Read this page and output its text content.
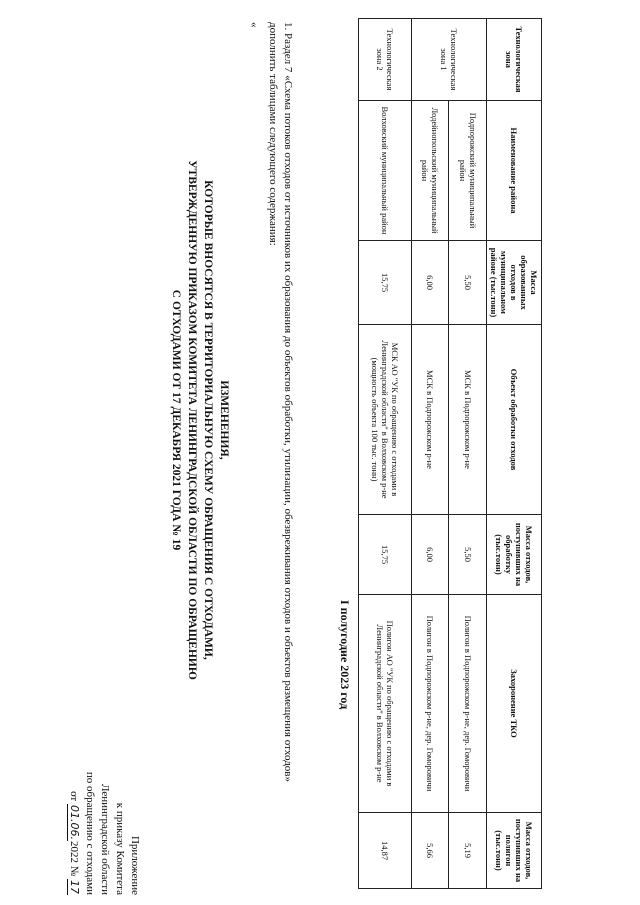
Приложение
к приказу Комитета
Ленинградской области
по обращению с отходами
от 01.06.2022 № 17
ИЗМЕНЕНИЯ,
КОТОРЫЕ ВНОСЯТСЯ В ТЕРРИТОРИАЛЬНУЮ СХЕМУ ОБРАЩЕНИЯ С ОТХОДАМИ,
УТВЕРЖДЕННУЮ ПРИКАЗОМ КОМИТЕТА ЛЕНИНГРАДСКОЙ ОБЛАСТИ ПО ОБРАЩЕНИЮ
С ОТХОДАМИ ОТ 17 ДЕКАБРЯ 2021 ГОДА № 19	1. Раздел 7 «Схема потоков отходов от источников их образования до объектов обработки, утилизации, обезвреживания отходов и объектов размещения отходов» дополнить таблицами следующего содержания:
«
I полугодие 2023 год
Технологическая зона	Наименование района	Масса образованных отходов в муниципальном районе (тыс.тонн)	Объект обработки отходов	Масса отходов, поступивших на обработку (тыс.тонн)	Захоронение ТКО	Масса отходов, поступивших на полигон (тыс.тонн)
Технологическая зона 1	Подпорожский муниципальный район	5,50	МСК в Подпорожском р-не	5,50	Полигон в Подпорожском р-не, дер. Гоморовичи	5,19
	Лодейнопольский муниципальный район	6,00	МСК в Подпорожском р-не	6,00	Полигон в Подпорожском р-не, дер. Гоморовичи	5,66
Технологическая зона 2	Волховский муниципальный район	15,75	МСК АО "УК по обращению с отходами в Ленинградской области" в Волховском р-не (мощность объекта 100 тыс. тонн)	15,75	Полигон АО "УК по обращению с отходами в Ленинградской области" в Волховском р-не	14,87
